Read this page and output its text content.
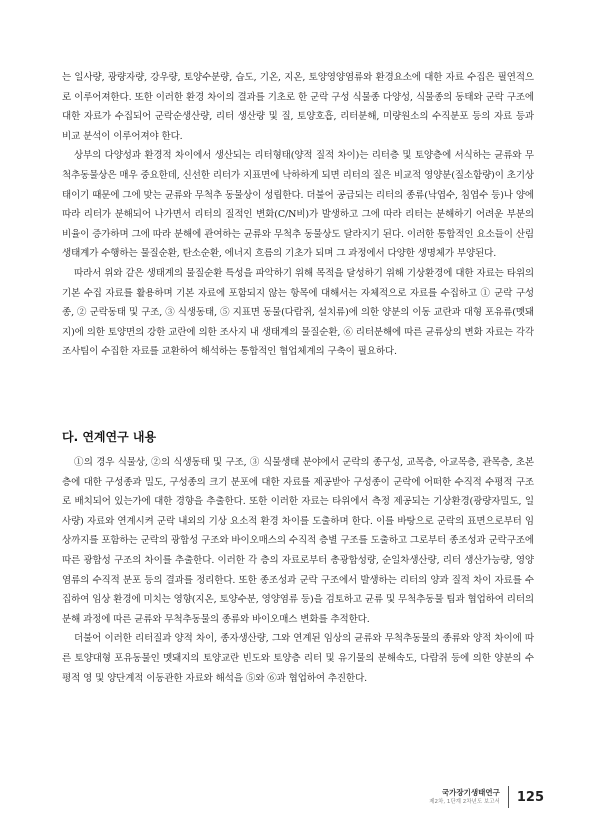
는 일사량, 광량자량, 강우량, 토양수분량, 습도, 기온, 지온, 토양영양염류와 환경요소에 대한 자료 수집은 필연적으로 이루어져한다. 또한 이러한 환경 차이의 결과를 기초로 한 군락 구성 식물종 다양성, 식물종의 동태와 군락 구조에 대한 자료가 수집되어 군락순생산량, 리터 생산량 및 질, 토양호흡, 리터분해, 미량원소의 수직분포 등의 자료 등과 비교 분석이 이루어져야 한다.

상부의 다양성과 환경적 차이에서 생산되는 리터형태(양적 질적 차이)는 리터층 및 토양층에 서식하는 균류와 무척추동물상은 매우 중요한데, 신선한 리터가 지표면에 낙하하게 되면 리터의 질은 비교적 영양분(질소함량)이 초기상태이기 때문에 그에 맞는 균류와 무척추 동물상이 성립한다. 더불어 공급되는 리터의 종류(낙엽수, 침엽수 등)나 양에 따라 리터가 분해되어 나가면서 리터의 질적인 변화(C/N비)가 발생하고 그에 따라 리터는 분해하기 어려운 부분의 비율이 증가하며 그에 따라 분해에 관여하는 균류와 무척추 동물상도 달라지기 된다. 이러한 통합적인 요소들이 산림생태계가 수행하는 물질순환, 탄소순환, 에너지 흐름의 기초가 되며 그 과정에서 다양한 생명체가 부양된다.

따라서 위와 같은 생태계의 물질순환 특성을 파악하기 위해 목적을 달성하기 위해 기상환경에 대한 자료는 타위의 기본 수집 자료를 활용하며 기본 자료에 포함되지 않는 항목에 대해서는 자체적으로 자료를 수집하고 ① 군락 구성종, ② 군락동태 및 구조, ③ 식생동태, ⑤ 지표면 동물(다람쥐, 설치류)에 의한 양분의 이동 교란과 대형 포유류(멧돼지)에 의한 토양면의 강한 교란에 의한 조사지 내 생태계의 물질순환, ⑥ 리터분해에 따른 균류상의 변화 자료는 각각 조사팀이 수집한 자료를 교환하여 해석하는 통합적인 협업체계의 구축이 필요하다.

다. 연계연구 내용

①의 경우 식물상, ②의 식생동태 및 구조, ③ 식물생태 분야에서 군락의 종구성, 교목층, 아교목층, 관목층, 초본층에 대한 구성종과 밀도, 구성종의 크기 분포에 대한 자료를 제공받아 구성종이 군락에 어떠한 수직적 수평적 구조로 배치되어 있는가에 대한 경향을 추출한다. 또한 이러한 자료는 타위에서 측정 제공되는 기상환경(광량자밀도, 일사량) 자료와 연계시켜 군락 내외의 기상 요소적 환경 차이를 도출하며 한다. 이를 바탕으로 군락의 표면으로부터 임상까지를 포함하는 군락의 광합성 구조와 바이오매스의 수직적 층별 구조를 도출하고 그로부터 종조성과 군락구조에 따른 광합성 구조의 차이를 추출한다. 이러한 각 층의 자료로부터 총광합성량, 순일차생산량, 리터 생산가능량, 영양염류의 수직적 분포 등의 결과를 정리한다. 또한 종조성과 군락 구조에서 발생하는 리터의 양과 질적 차이 자료를 수집하여 임상 환경에 미치는 영향(지온, 토양수분, 영양염류 등)을 검토하고 균류 및 무척추동물 팀과 협업하여 리터의 분해 과정에 따른 균류와 무척추동물의 종류와 바이오매스 변화를 추적한다.

더불어 이러한 리터질과 양적 차이, 종자생산량, 그와 연계된 임상의 균류와 무척추동물의 종류와 양적 차이에 따른 토양대형 포유동물인 멧돼지의 토양교란 빈도와 토양층 리터 및 유기물의 분해속도, 다람쥐 등에 의한 양분의 수평적 영 및 양단계적 이동관한 자료와 해석을 ⑤와 ⑥과 협업하여 추진한다.

국가장기생태연구
제2차, 1단계 2차년도 보고서 125
